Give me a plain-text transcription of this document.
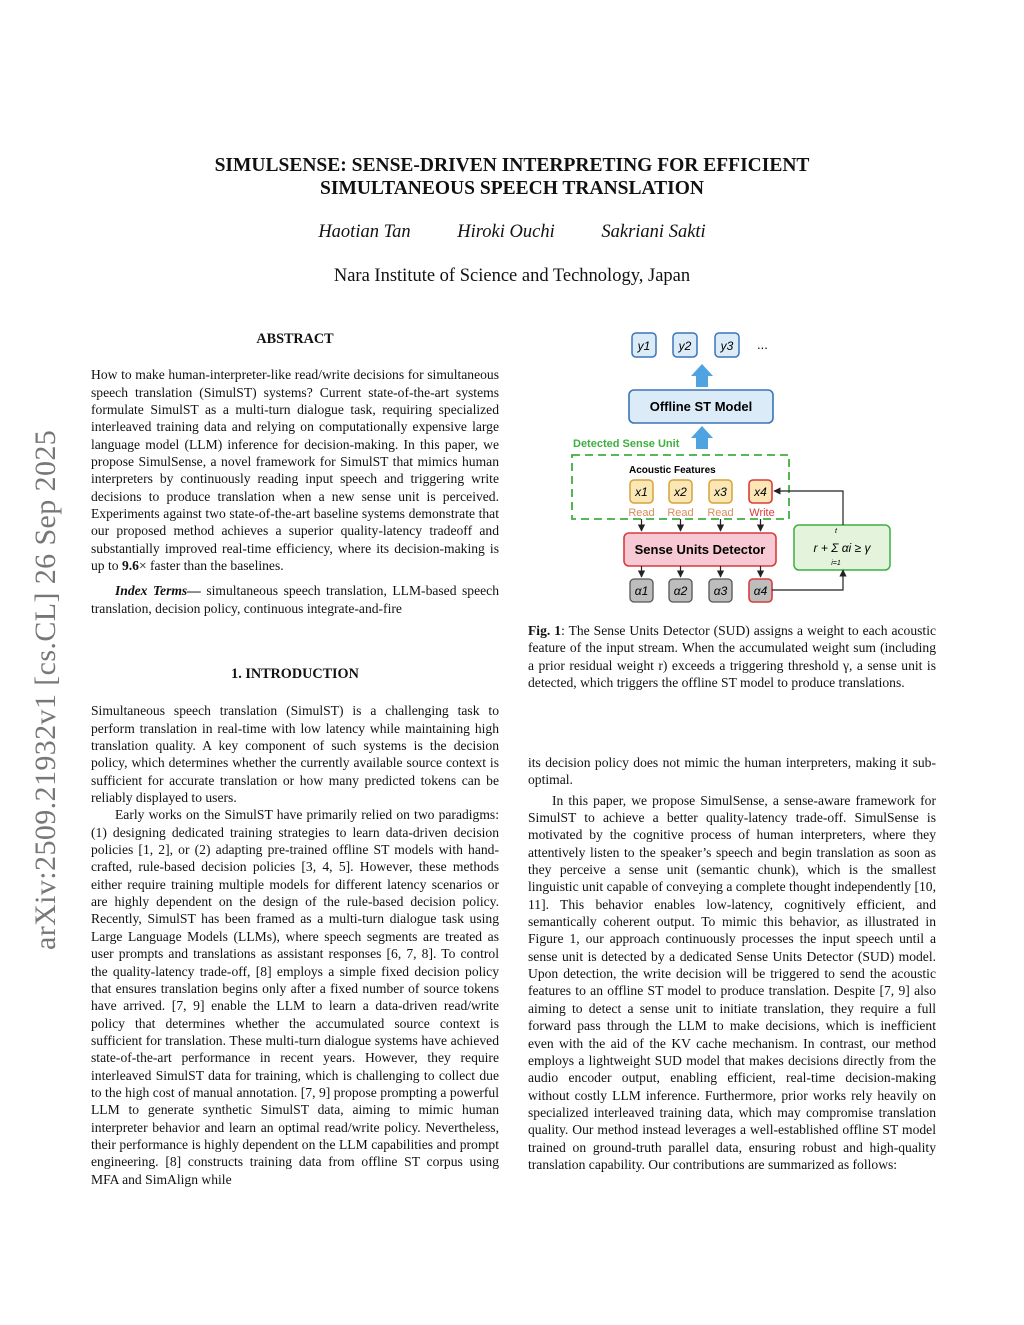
arXiv:2509.21932v1 [cs.CL] 26 Sep 2025
SIMULSENSE: SENSE-DRIVEN INTERPRETING FOR EFFICIENT
SIMULTANEOUS SPEECH TRANSLATION
Haotian Tan	Hiroki Ouchi	Sakriani Sakti
Nara Institute of Science and Technology, Japan
ABSTRACT

How to make human-interpreter-like read/write decisions for simultaneous speech translation (SimulST) systems? Current state-of-the-art systems formulate SimulST as a multi-turn dialogue task, requiring specialized interleaved training data and relying on computationally expensive large language model (LLM) inference for decision-making. In this paper, we propose SimulSense, a novel framework for SimulST that mimics human interpreters by continuously reading input speech and triggering write decisions to produce translation when a new sense unit is perceived. Experiments against two state-of-the-art baseline systems demonstrate that our proposed method achieves a superior quality-latency tradeoff and substantially improved real-time efficiency, where its decision-making is up to 9.6× faster than the baselines.

Index Terms— simultaneous speech translation, LLM-based speech translation, decision policy, continuous integrate-and-fire

1. INTRODUCTION

Simultaneous speech translation (SimulST) is a challenging task to perform translation in real-time with low latency while maintaining high translation quality. A key component of such systems is the decision policy, which determines whether the currently available source context is sufficient for accurate translation or how many predicted tokens can be reliably displayed to users.

Early works on the SimulST have primarily relied on two paradigms: (1) designing dedicated training strategies to learn data-driven decision policies [1, 2], or (2) adapting pre-trained offline ST models with hand-crafted, rule-based decision policies [3, 4, 5]. However, these methods either require training multiple models for different latency scenarios or are highly dependent on the design of the rule-based decision policy. Recently, SimulST has been framed as a multi-turn dialogue task using Large Language Models (LLMs), where speech segments are treated as user prompts and translations as assistant responses [6, 7, 8]. To control the quality-latency trade-off, [8] employs a simple fixed decision policy that ensures translation begins only after a fixed number of source tokens have arrived. [7, 9] enable the LLM to learn a data-driven read/write policy that determines whether the accumulated source context is sufficient for translation. These multi-turn dialogue systems have achieved state-of-the-art performance in recent years. However, they require interleaved SimulST data for training, which is challenging to collect due to the high cost of manual annotation. [7, 9] propose prompting a powerful LLM to generate synthetic SimulST data, aiming to mimic human interpreter behavior and learn an optimal read/write policy. Nevertheless, their performance is highly dependent on the LLM capabilities and prompt engineering. [8] constructs training data from offline ST corpus using MFA and SimAlign while

y1 y2 y3 ...
Offline ST Model
Detected Sense Unit
Acoustic Features
x1 x2 x3 x4
Read Read Read Write
Sense Units Detector
α1 α2 α3 α4
r + Σ αi ≥ γ
t
i=1
Fig. 1: The Sense Units Detector (SUD) assigns a weight to each acoustic feature of the input stream. When the accumulated weight sum (including a prior residual weight r) exceeds a triggering threshold γ, a sense unit is detected, which triggers the offline ST model to produce translations.

its decision policy does not mimic the human interpreters, making it sub-optimal.

In this paper, we propose SimulSense, a sense-aware framework for SimulST to achieve a better quality-latency trade-off. SimulSense is motivated by the cognitive process of human interpreters, where they attentively listen to the speaker’s speech and begin translation as soon as they perceive a sense unit (semantic chunk), which is the smallest linguistic unit capable of conveying a complete thought independently [10, 11]. This behavior enables low-latency, cognitively efficient, and semantically coherent output. To mimic this behavior, as illustrated in Figure 1, our approach continuously processes the input speech until a sense unit is detected by a dedicated Sense Units Detector (SUD) model. Upon detection, the write decision will be triggered to send the acoustic features to an offline ST model to produce translation. Despite [7, 9] also aiming to detect a sense unit to initiate translation, they require a full forward pass through the LLM to make decisions, which is inefficient even with the aid of the KV cache mechanism. In contrast, our method employs a lightweight SUD model that makes decisions directly from the audio encoder output, enabling efficient, real-time decision-making without costly LLM inference. Furthermore, prior works rely heavily on specialized interleaved training data, which may compromise translation quality. Our method instead leverages a well-established offline ST model trained on ground-truth parallel data, ensuring robust and high-quality translation capability. Our contributions are summarized as follows:
